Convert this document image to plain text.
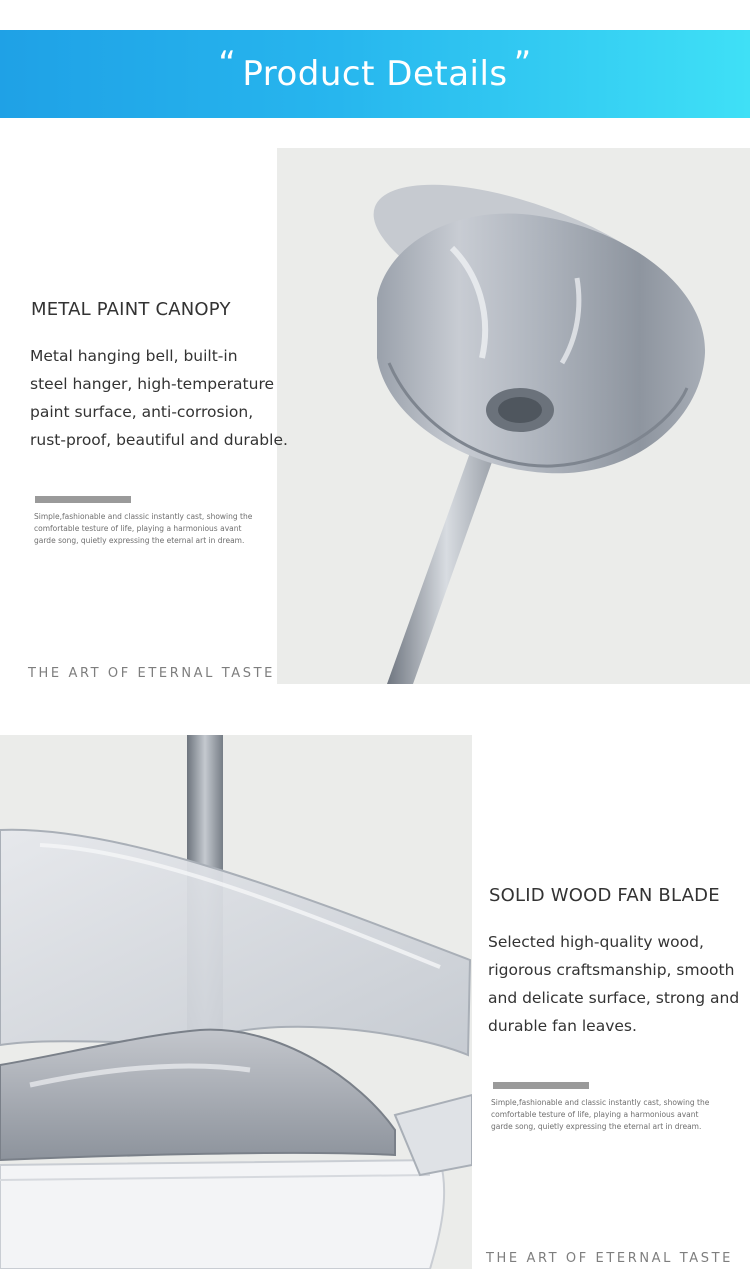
“ Product Details ”
METAL PAINT CANOPY
Metal hanging bell, built-in
steel hanger, high-temperature
paint surface, anti-corrosion,
rust-proof, beautiful and durable.
Simple,fashionable and classic instantly cast, showing the
comfortable testure of life, playing a harmonious avant
garde song, quietly expressing the eternal art in dream.
THE ART OF ETERNAL TASTE
SOLID WOOD FAN BLADE
Selected high-quality wood,
rigorous craftsmanship, smooth
and delicate surface, strong and
durable fan leaves.
Simple,fashionable and classic instantly cast, showing the
comfortable testure of life, playing a harmonious avant
garde song, quietly expressing the eternal art in dream.
THE ART OF ETERNAL TASTE
